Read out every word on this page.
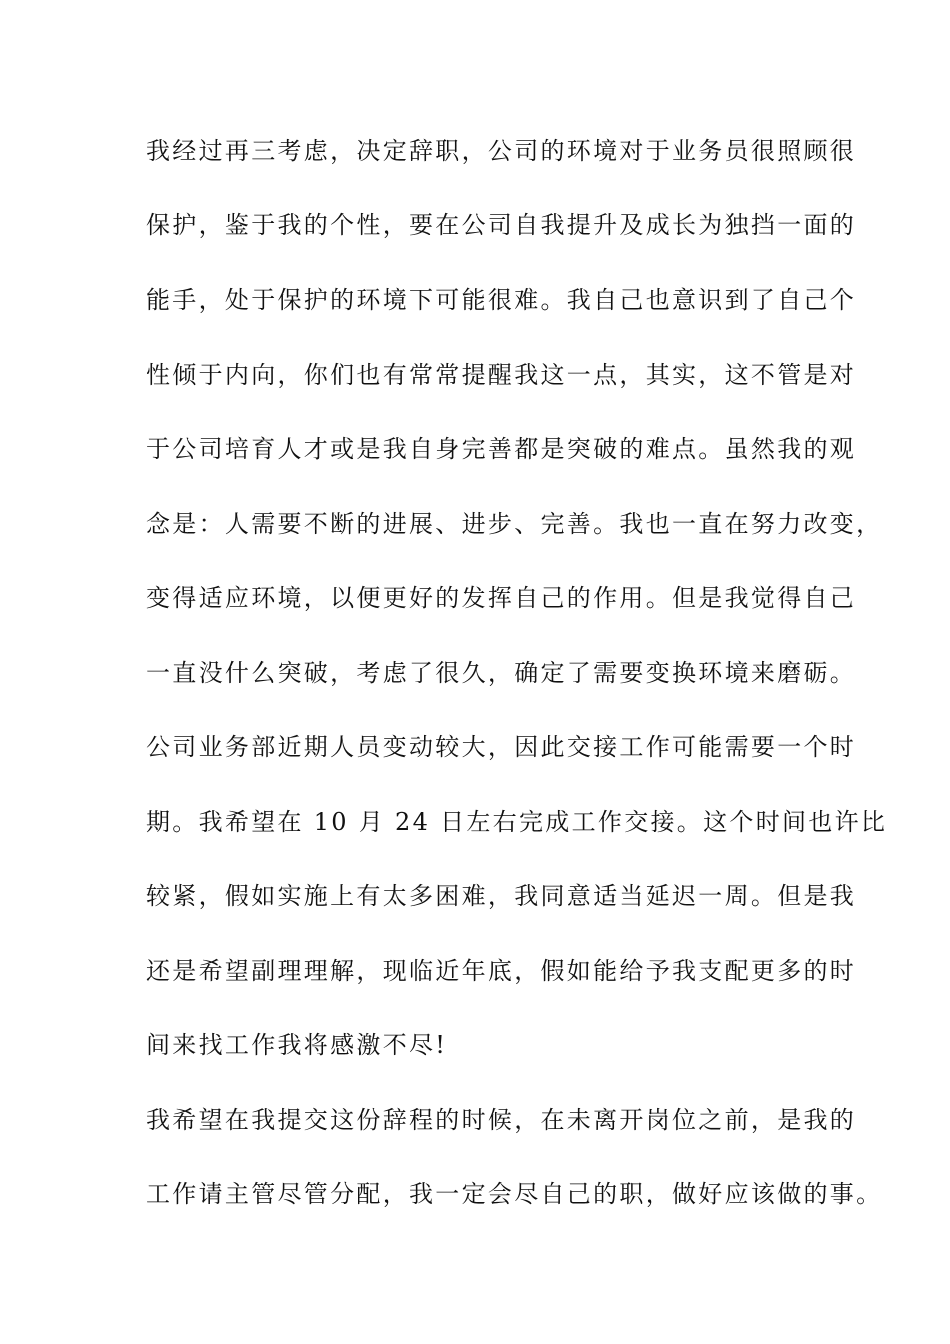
我经过再三考虑，决定辞职，公司的环境对于业务员很照顾很

保护，鉴于我的个性，要在公司自我提升及成长为独挡一面的

能手，处于保护的环境下可能很难。我自己也意识到了自己个

性倾于内向，你们也有常常提醒我这一点，其实，这不管是对

于公司培育人才或是我自身完善都是突破的难点。虽然我的观

念是：人需要不断的进展、进步、完善。我也一直在努力改变，

变得适应环境，以便更好的发挥自己的作用。但是我觉得自己

一直没什么突破，考虑了很久，确定了需要变换环境来磨砺。

公司业务部近期人员变动较大，因此交接工作可能需要一个时

期。我希望在 10 月 24 日左右完成工作交接。这个时间也许比

较紧，假如实施上有太多困难，我同意适当延迟一周。但是我

还是希望副理理解，现临近年底，假如能给予我支配更多的时

间来找工作我将感激不尽!

我希望在我提交这份辞程的时候，在未离开岗位之前，是我的

工作请主管尽管分配，我一定会尽自己的职，做好应该做的事。
